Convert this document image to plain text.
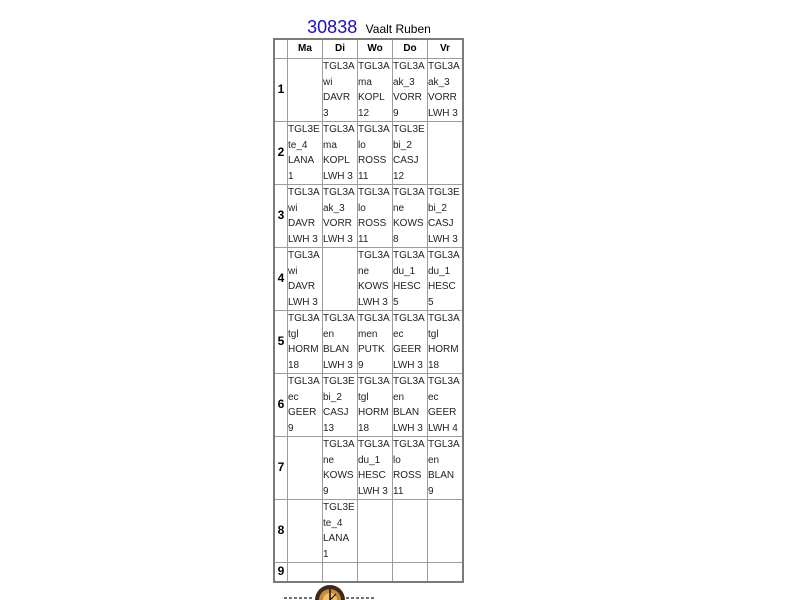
30838 Vaalt Ruben
	Ma	Di	Wo	Do	Vr
1		TGL3A
wi
DAVR
3	TGL3A
ma
KOPL
12	TGL3A
ak_3
VORR
9	TGL3A
ak_3
VORR
LWH 3

2	TGL3E
te_4
LANA
1	TGL3A
ma
KOPL
LWH 3	TGL3A
lo
ROSS
11	TGL3E
bi_2
CASJ
12	

3	TGL3A
wi
DAVR
LWH 3	TGL3A
ak_3
VORR
LWH 3	TGL3A
lo
ROSS
11	TGL3A
ne
KOWS
8	TGL3E
bi_2
CASJ
LWH 3

4	TGL3A
wi
DAVR
LWH 3		TGL3A
ne
KOWS
LWH 3	TGL3A
du_1
HESC
5	TGL3A
du_1
HESC
5

5	TGL3A
tgl
HORM
18	TGL3A
en
BLAN
LWH 3	TGL3A
men
PUTK
9	TGL3A
ec
GEER
LWH 3	TGL3A
tgl
HORM
18

6	TGL3A
ec
GEER
9	TGL3E
bi_2
CASJ
13	TGL3A
tgl
HORM
18	TGL3A
en
BLAN
LWH 3	TGL3A
ec
GEER
LWH 4

7		TGL3A
ne
KOWS
9	TGL3A
du_1
HESC
LWH 3	TGL3A
lo
ROSS
11	TGL3A
en
BLAN
9

8		TGL3E
te_4
LANA
1			

9					
